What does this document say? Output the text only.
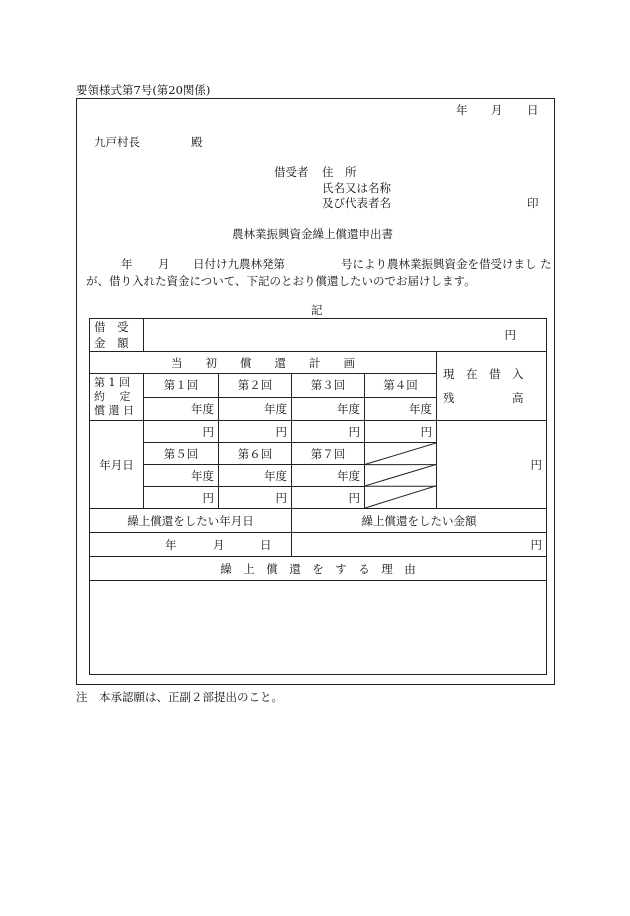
要領様式第7号(第20関係)
年 月 日
九戸村長	殿
借受者 住　所
氏名又は名称
及び代表者名	印
農林業振興資金繰上償還申出書
年 月 日付け九農林発第	号により農林業振興資金を借受けまし た
が、借り入れた資金について、下記のとおり償還したいのでお届けします。
記
借 受 金 額	円				
当　　初　　償　　還　　計　　画					現　在　借　入
残　　　　　高

第 1 回
約　 定
償 還 日	第１回	第２回	第３回	第４回	
	年度	年度	年度	年度	
年月日	円	円	円	円	円
	第５回	第６回	第７回	

	年度	年度	年度		
	円	円	円		
繰上償還をしたい年月日			繰上償還をしたい金額		

年 月 日			円		
繰　上　償　還　を　す　る　理　由					

注　本承認願は、正副２部提出のこと。
